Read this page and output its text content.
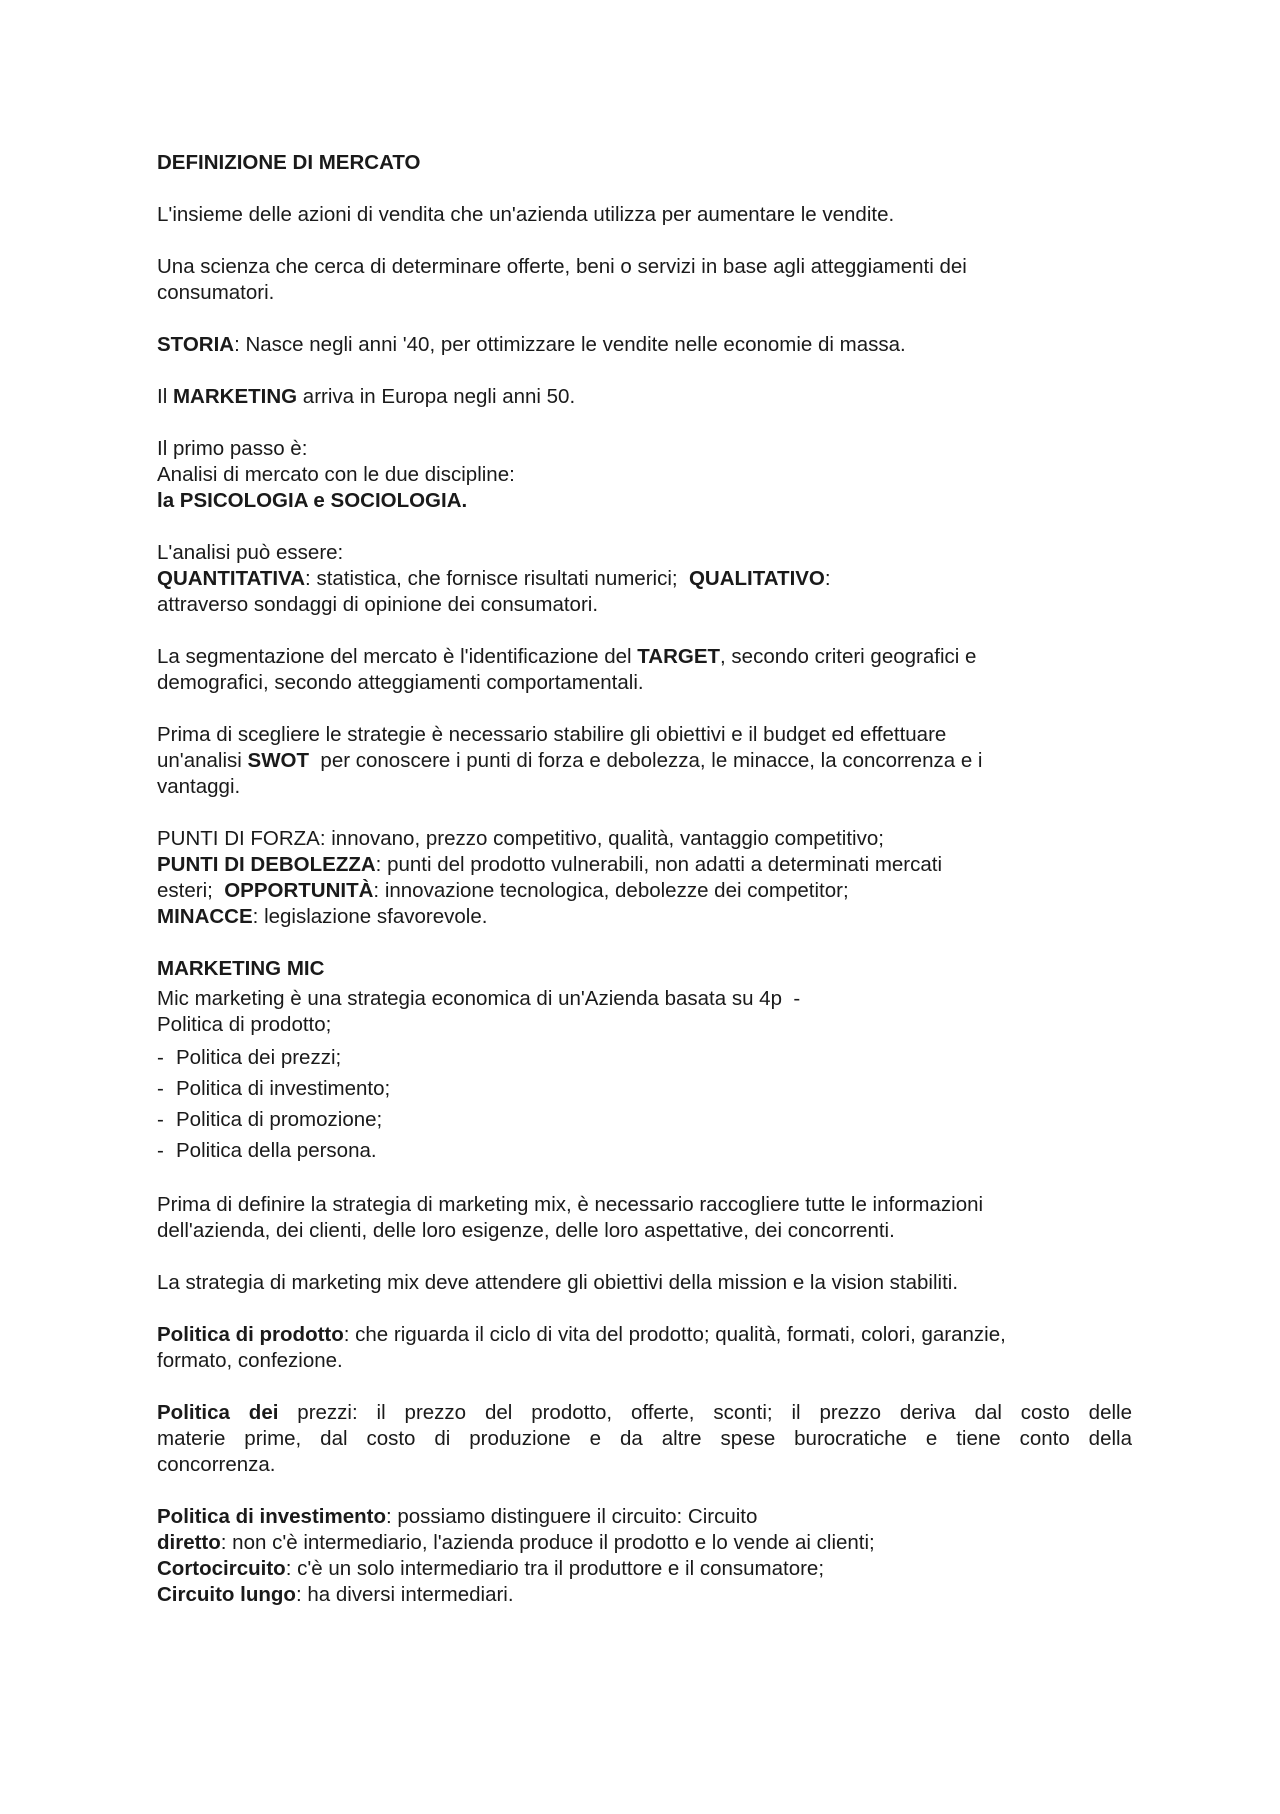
DEFINIZIONE DI MERCATO

L'insieme delle azioni di vendita che un'azienda utilizza per aumentare le vendite.

Una scienza che cerca di determinare offerte, beni o servizi in base agli atteggiamenti dei
consumatori.

STORIA: Nasce negli anni '40, per ottimizzare le vendite nelle economie di massa.

Il MARKETING arriva in Europa negli anni 50.

Il primo passo è:
Analisi di mercato con le due discipline:
la PSICOLOGIA e SOCIOLOGIA.

L'analisi può essere:
QUANTITATIVA: statistica, che fornisce risultati numerici;  QUALITATIVO:
attraverso sondaggi di opinione dei consumatori.

La segmentazione del mercato è l'identificazione del TARGET, secondo criteri geografici e
demografici, secondo atteggiamenti comportamentali.

Prima di scegliere le strategie è necessario stabilire gli obiettivi e il budget ed effettuare
un'analisi SWOT  per conoscere i punti di forza e debolezza, le minacce, la concorrenza e i
vantaggi.

PUNTI DI FORZA: innovano, prezzo competitivo, qualità, vantaggio competitivo;
PUNTI DI DEBOLEZZA: punti del prodotto vulnerabili, non adatti a determinati mercati
esteri;  OPPORTUNITÀ: innovazione tecnologica, debolezze dei competitor;
MINACCE: legislazione sfavorevole.

MARKETING MIC

Mic marketing è una strategia economica di un'Azienda basata su 4p  -
Politica di prodotto;

- Politica dei prezzi;
- Politica di investimento;
- Politica di promozione;
- Politica della persona.

Prima di definire la strategia di marketing mix, è necessario raccogliere tutte le informazioni
dell'azienda, dei clienti, delle loro esigenze, delle loro aspettative, dei concorrenti.

La strategia di marketing mix deve attendere gli obiettivi della mission e la vision stabiliti.

Politica di prodotto: che riguarda il ciclo di vita del prodotto; qualità, formati, colori, garanzie,
formato, confezione.

Politica dei prezzi: il prezzo del prodotto, offerte, sconti; il prezzo deriva dal costo delle
materie prime, dal costo di produzione e da altre spese burocratiche e tiene conto della
concorrenza.

Politica di investimento: possiamo distinguere il circuito: Circuito
diretto: non c'è intermediario, l'azienda produce il prodotto e lo vende ai clienti;
Cortocircuito: c'è un solo intermediario tra il produttore e il consumatore;
Circuito lungo: ha diversi intermediari.
